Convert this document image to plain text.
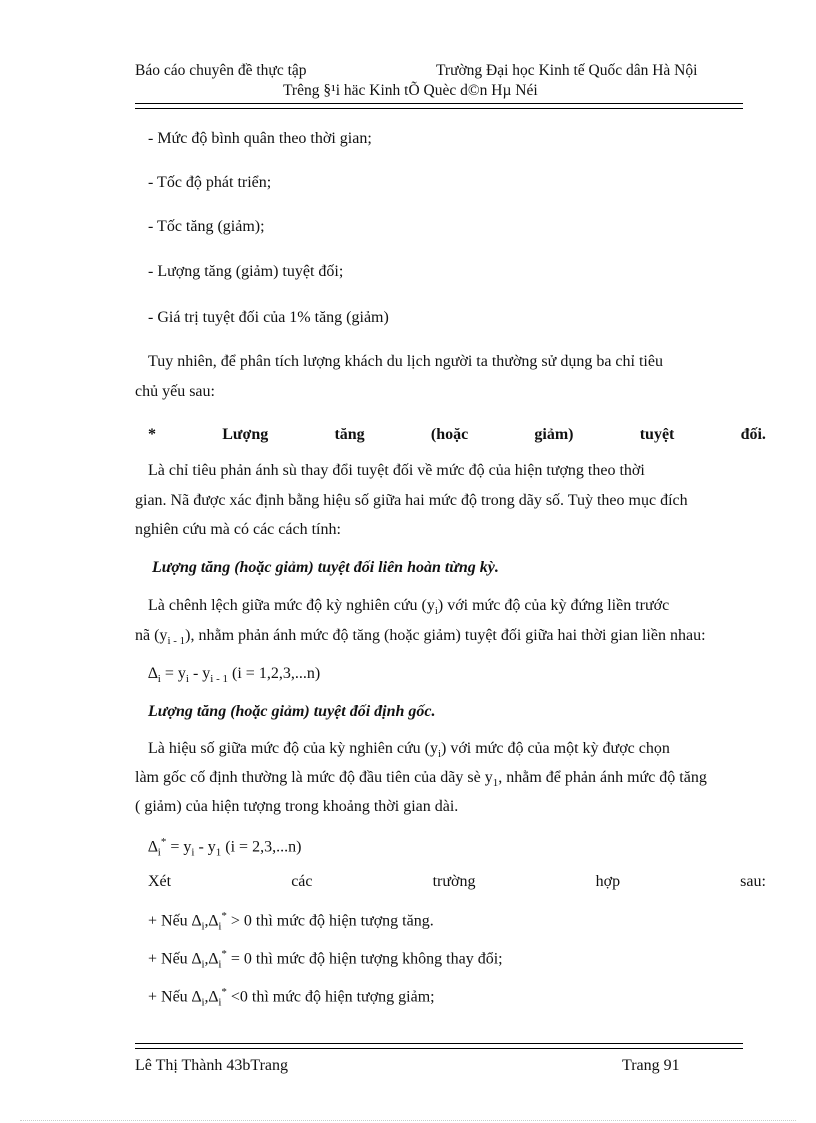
Báo cáo chuyên đề thực tập	Trường Đại học Kinh tế Quốc dân Hà Nội
Trêng §¹i häc Kinh tÕ Quèc d©n Hµ Néi
- Mức độ bình quân theo thời gian;
- Tốc độ phát triển;
- Tốc tăng (giảm);
- Lượng tăng (giảm) tuyệt đối;
- Giá trị tuyệt đối của 1% tăng (giảm)
Tuy nhiên, để phân tích lượng khách du lịch người ta thường sử dụng ba chỉ tiêu
chủ yếu sau:
*	Lượng	tăng	(hoặc	giảm)	tuyệt	đối.
Là chỉ tiêu phản ánh sù thay đổi tuyệt đối về mức độ của hiện tượng theo thời
gian. Nã được xác định bằng hiệu số giữa hai mức độ trong dãy số. Tuỳ theo mục đích
nghiên cứu mà có các cách tính:
Lượng tăng (hoặc giảm) tuyệt đối liên hoàn từng kỳ.
Là chênh lệch giữa mức độ kỳ nghiên cứu $(y_i)$ với mức độ của kỳ đứng liền trước
nã $(y_{i - 1})$, nhằm phản ánh mức độ tăng (hoặc giảm) tuyệt đối giữa hai thời gian liền nhau:
$\Delta_i = y_i - y_{i - 1}$ (i = 1,2,3,...n)
Lượng tăng (hoặc giảm) tuyệt đối định gốc.
Là hiệu số giữa mức độ của kỳ nghiên cứu $(y_i)$ với mức độ của một kỳ được chọn
làm gốc cố định thường là mức độ đầu tiên của dãy sè $y_1$, nhằm để phản ánh mức độ tăng
( giảm) của hiện tượng trong khoảng thời gian dài.
$\Delta_i^* = y_i - y_1$ (i = 2,3,...n)
Xét	các	trường	hợp	sau:
+ Nếu $\Delta_i,\Delta_i^* > 0$ thì mức độ hiện tượng tăng.
+ Nếu $\Delta_i,\Delta_i^* = 0$ thì mức độ hiện tượng không thay đổi;
+ Nếu $\Delta_i,\Delta_i^* <0$ thì mức độ hiện tượng giảm;
Lê Thị Thành 43bTrang	Trang 91
